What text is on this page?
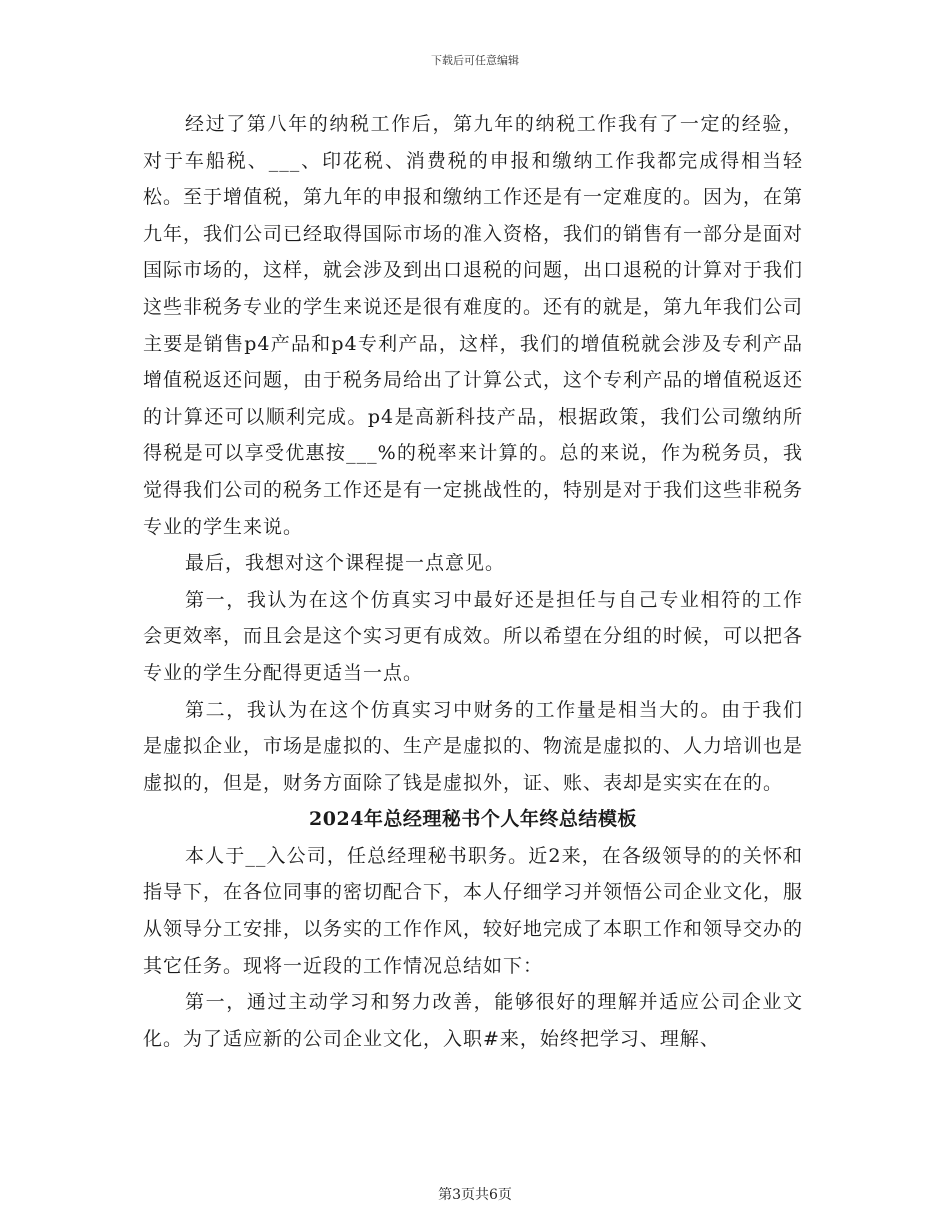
下载后可任意编辑

经过了第八年的纳税工作后，第九年的纳税工作我有了一定的经验，对于车船税、___、印花税、消费税的申报和缴纳工作我都完成得相当轻松。至于增值税，第九年的申报和缴纳工作还是有一定难度的。因为，在第九年，我们公司已经取得国际市场的准入资格，我们的销售有一部分是面对国际市场的，这样，就会涉及到出口退税的问题，出口退税的计算对于我们这些非税务专业的学生来说还是很有难度的。还有的就是，第九年我们公司主要是销售p4产品和p4专利产品，这样，我们的增值税就会涉及专利产品增值税返还问题，由于税务局给出了计算公式，这个专利产品的增值税返还的计算还可以顺利完成。p4是高新科技产品，根据政策，我们公司缴纳所得税是可以享受优惠按___%的税率来计算的。总的来说，作为税务员，我觉得我们公司的税务工作还是有一定挑战性的，特别是对于我们这些非税务专业的学生来说。

最后，我想对这个课程提一点意见。

第一，我认为在这个仿真实习中最好还是担任与自己专业相符的工作会更效率，而且会是这个实习更有成效。所以希望在分组的时候，可以把各专业的学生分配得更适当一点。

第二，我认为在这个仿真实习中财务的工作量是相当大的。由于我们是虚拟企业，市场是虚拟的、生产是虚拟的、物流是虚拟的、人力培训也是虚拟的，但是，财务方面除了钱是虚拟外，证、账、表却是实实在在的。

2024年总经理秘书个人年终总结模板

本人于__入公司，任总经理秘书职务。近2来，在各级领导的的关怀和指导下，在各位同事的密切配合下，本人仔细学习并领悟公司企业文化，服从领导分工安排，以务实的工作作风，较好地完成了本职工作和领导交办的其它任务。现将一近段的工作情况总结如下：

第一，通过主动学习和努力改善，能够很好的理解并适应公司企业文化。为了适应新的公司企业文化，入职#来，始终把学习、理解、

第3页共6页
